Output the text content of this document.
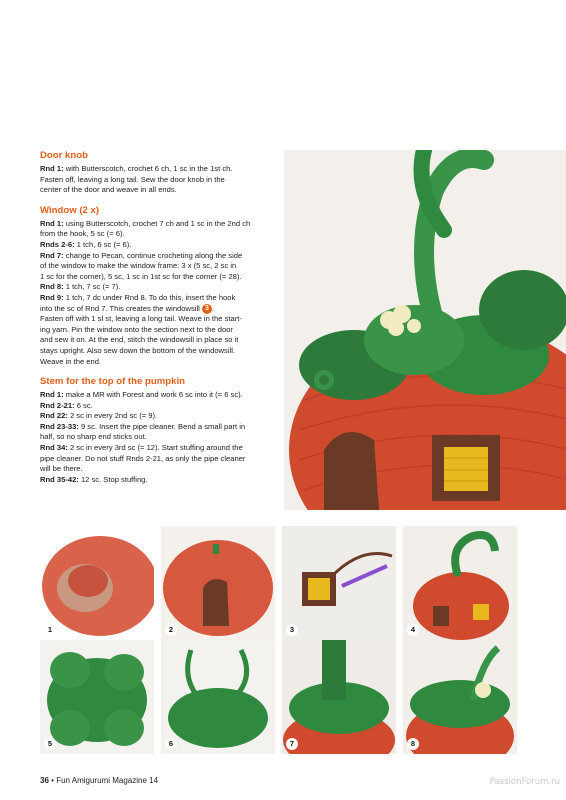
Door knob
Rnd 1: with Butterscotch, crochet 6 ch, 1 sc in the 1st ch.
Fasten off, leaving a long tail. Sew the door knob in the
center of the door and weave in all ends.
Window (2 x)
Rnd 1: using Butterscotch, crochet 7 ch and 1 sc in the 2nd ch
from the hook, 5 sc (= 6).
Rnds 2-6: 1 tch, 6 sc (= 6).
Rnd 7: change to Pecan, continue crocheting along the side
of the window to make the window frame: 3 x (5 sc, 2 sc in
1 sc for the corner), 5 sc, 1 sc in 1st sc for the corner (= 28).
Rnd 8: 1 tch, 7 sc (= 7).
Rnd 9: 1 tch, 7 dc under Rnd 8. To do this, insert the hook
into the sc of Rnd 7. This creates the windowsill 3 .
Fasten off with 1 sl st, leaving a long tail. Weave in the start-
ing yarn. Pin the window onto the section next to the door
and sew it on. At the end, stitch the windowsill in place so it
stays upright. Also sew down the bottom of the windowsill.
Weave in the end.
Stem for the top of the pumpkin
Rnd 1: make a MR with Forest and work 6 sc into it (= 6 sc).
Rnd 2-21: 6 sc.
Rnd 22: 2 sc in every 2nd sc (= 9).
Rnd 23-33: 9 sc. Insert the pipe cleaner. Bend a small part in
half, so no sharp end sticks out.
Rnd 34: 2 sc in every 3rd sc (= 12). Start stuffing around the
pipe cleaner. Do not stuff Rnds 2-21, as only the pipe cleaner
will be there.
Rnd 35-42: 12 sc. Stop stuffing.
1	2	3	4
5	6	7	8
36 • Fun Amigurumi Magazine 14	PassionForum.ru
